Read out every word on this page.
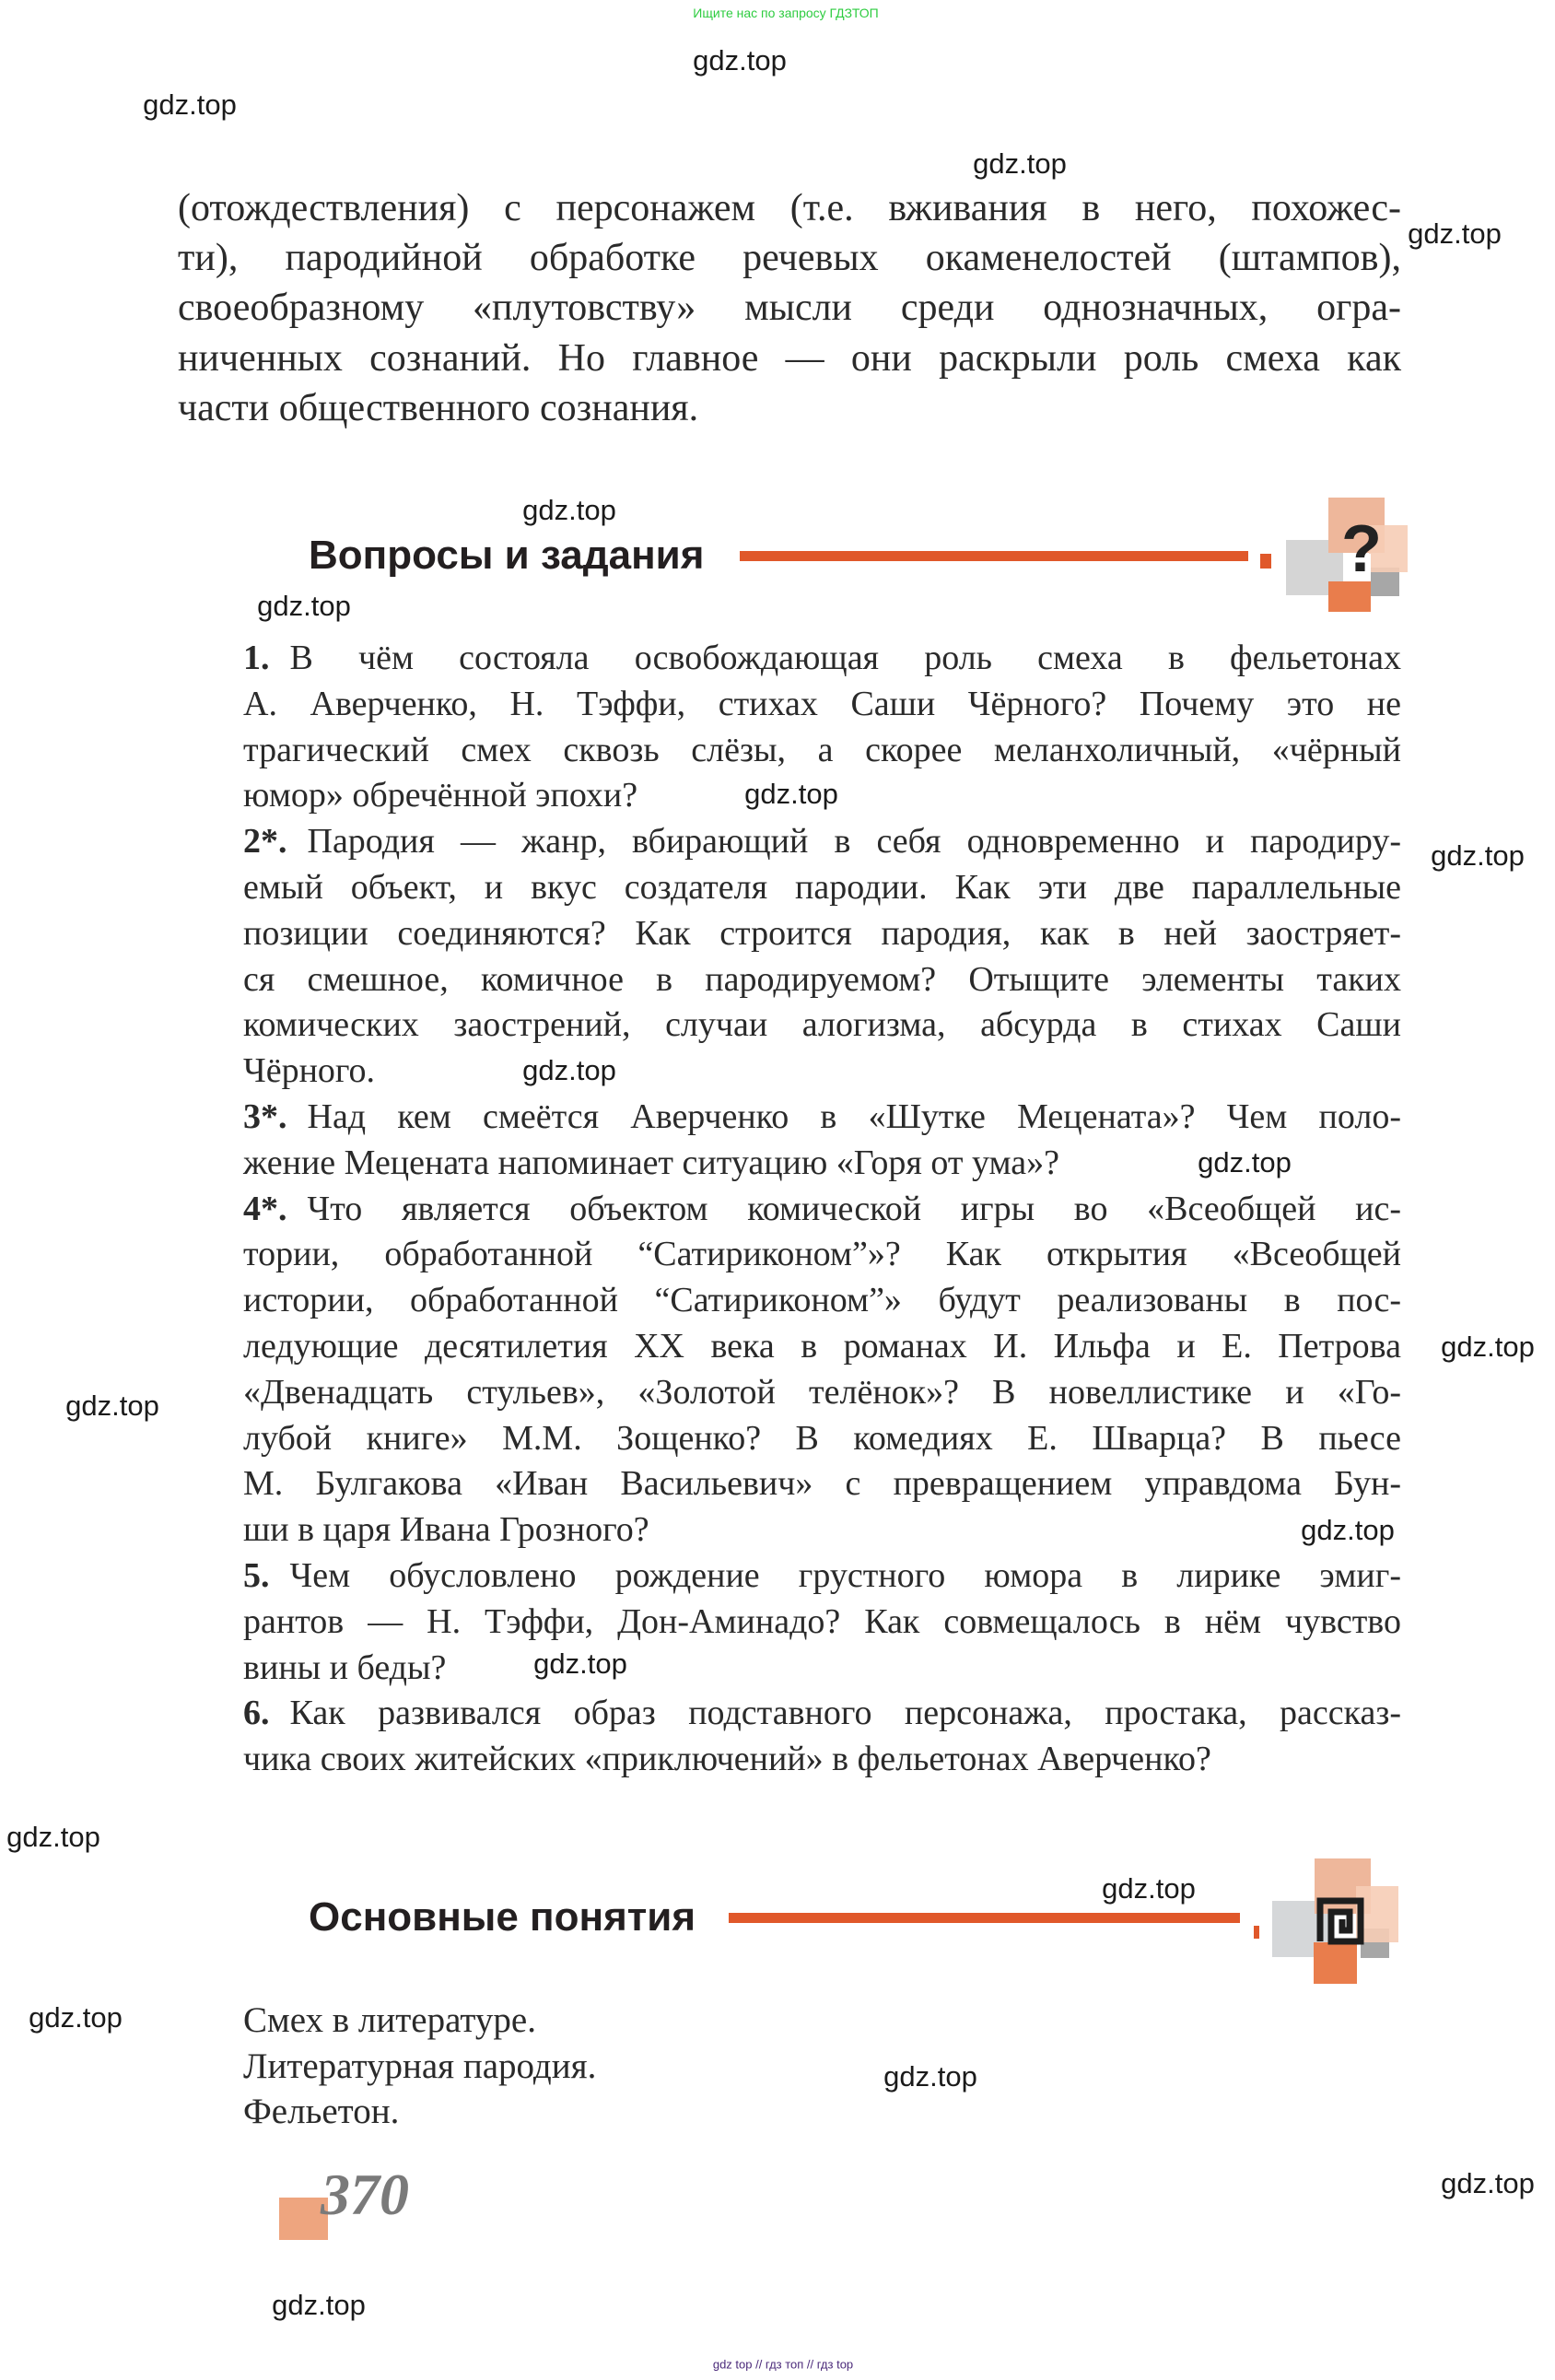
Ищите нас по запросу ГДЗТОП
(отождествления) с персонажем (т.е. вживания в него, похожес-
ти), пародийной обработке речевых окаменелостей (штампов),
своеобразному «плутовству» мысли среди однозначных, огра-
ниченных сознаний. Но главное — они раскрыли роль смеха как
части общественного сознания.
Вопросы и задания	?
1. В чём состояла освобождающая роль смеха в фельетонах
А. Аверченко, Н. Тэффи, стихах Саши Чёрного? Почему это не
трагический смех сквозь слёзы, а скорее меланхоличный, «чёрный
юмор» обречённой эпохи?
2*. Пародия — жанр, вбирающий в себя одновременно и пародиру-
емый объект, и вкус создателя пародии. Как эти две параллельные
позиции соединяются? Как строится пародия, как в ней заостряет-
ся смешное, комичное в пародируемом? Отыщите элементы таких
комических заострений, случаи алогизма, абсурда в стихах Саши
Чёрного.
3*. Над кем смеётся Аверченко в «Шутке Мецената»? Чем поло-
жение Мецената напоминает ситуацию «Горя от ума»?
4*. Что является объектом комической игры во «Всеобщей ис-
тории, обработанной “Сатириконом”»? Как открытия «Всеобщей
истории, обработанной “Сатириконом”» будут реализованы в пос-
ледующие десятилетия XX века в романах И. Ильфа и Е. Петрова
«Двенадцать стульев», «Золотой телёнок»? В новеллистике и «Го-
лубой книге» М.М. Зощенко? В комедиях Е. Шварца? В пьесе
М. Булгакова «Иван Васильевич» с превращением управдома Бун-
ши в царя Ивана Грозного?
5. Чем обусловлено рождение грустного юмора в лирике эмиг-
рантов — Н. Тэффи, Дон-Аминадо? Как совмещалось в нём чувство
вины и беды?
6. Как развивался образ подставного персонажа, простака, рассказ-
чика своих житейских «приключений» в фельетонах Аверченко?
Основные понятия
Смех в литературе.
Литературная пародия.
Фельетон.
370
gdz.top
gdz.top
gdz.top
gdz.top
gdz.top
gdz.top
gdz.top
gdz.top
gdz.top
gdz.top
gdz.top
gdz.top
gdz.top
gdz.top
gdz.top
gdz.top
gdz.top
gdz.top
gdz.top
gdz.top
gdz top // гдз топ // гдз top
